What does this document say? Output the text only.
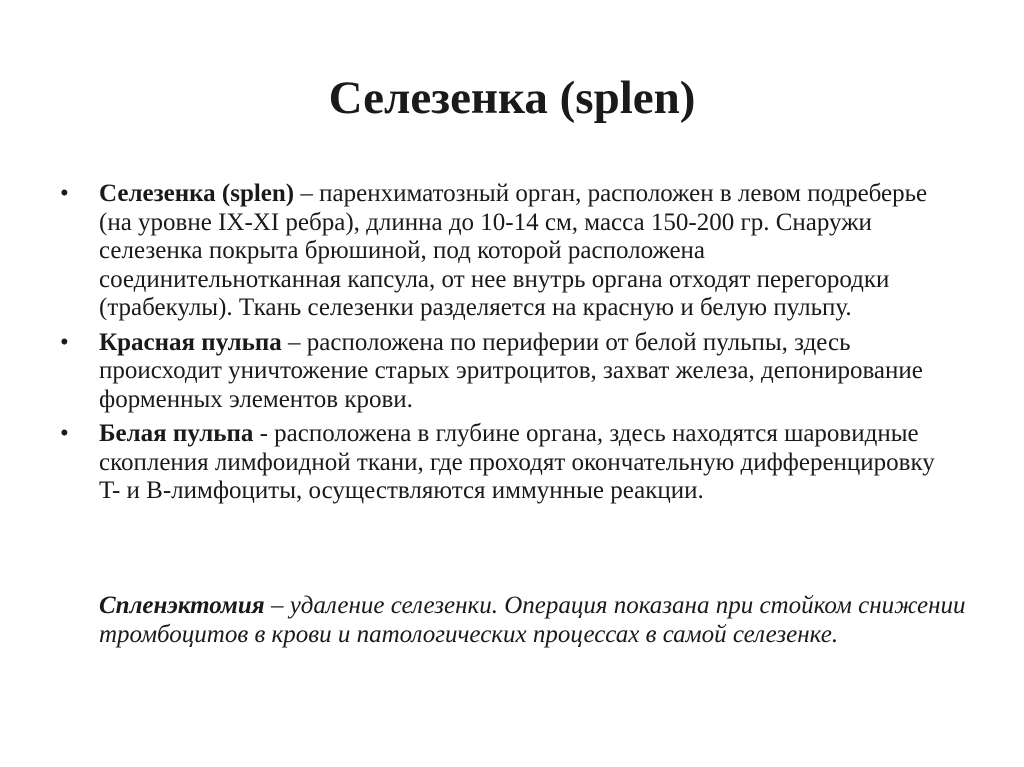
Селезенка (splen)
•	Селезенка (splen) – паренхиматозный орган, расположен в левом подреберье (на уровне IX-XI ребра), длинна до 10-14 см, масса 150-200 гр. Снаружи селезенка покрыта брюшиной, под которой расположена соединительнотканная капсула, от нее внутрь органа отходят перегородки (трабекулы). Ткань селезенки разделяется на красную и белую пульпу.
•	Красная пульпа – расположена по периферии от белой пульпы, здесь происходит уничтожение старых эритроцитов, захват железа, депонирование форменных элементов крови.
•	Белая пульпа - расположена в глубине органа, здесь находятся шаровидные скопления лимфоидной ткани, где проходят окончательную дифференцировку T- и B-лимфоциты, осуществляются иммунные реакции.

Спленэктомия – удаление селезенки. Операция показана при стойком снижении тромбоцитов в крови и патологических процессах в самой селезенке.
